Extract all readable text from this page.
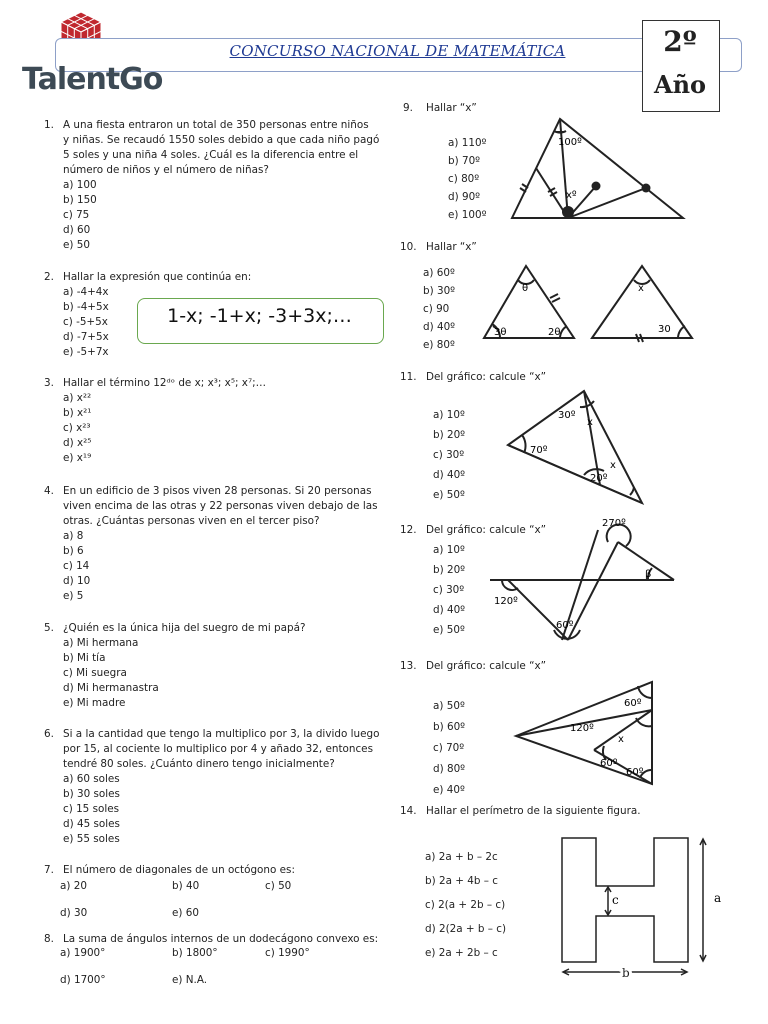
CONCURSO NACIONAL DE MATEMÁTICA
TalentGo
2º
Año
1. A una fiesta entraron un total de 350 personas entre niños
y niñas. Se recaudó 1550 soles debido a que cada niño pagó
5 soles y una niña 4 soles. ¿Cuál es la diferencia entre el
número de niños y el número de niñas?
a) 100
b) 150
c) 75
d) 60
e) 50
2. Hallar la expresión que continúa en:
a) -4+4x
b) -4+5x
c) -5+5x
d) -7+5x
e) -5+7x
1-x; -1+x; -3+3x;…
3. Hallar el término 12ᵈᵒ de x; x³; x⁵; x⁷;…
a) x²²
b) x²¹
c) x²³
d) x²⁵
e) x¹⁹
4. En un edificio de 3 pisos viven 28 personas. Si 20 personas
viven encima de las otras y 22 personas viven debajo de las
otras. ¿Cuántas personas viven en el tercer piso?
a) 8
b) 6
c) 14
d) 10
e) 5
5. ¿Quién es la única hija del suegro de mi papá?
a) Mi hermana
b) Mi tía
c) Mi suegra
d) Mi hermanastra
e) Mi madre
6. Si a la cantidad que tengo la multiplico por 3, la divido luego
por 15, al cociente lo multiplico por 4 y añado 32, entonces
tendré 80 soles. ¿Cuánto dinero tengo inicialmente?
a) 60 soles
b) 30 soles
c) 15 soles
d) 45 soles
e) 55 soles
7. El número de diagonales de un octógono es:
a) 20	b) 40	c) 50
d) 30	e) 60
8. La suma de ángulos internos de un dodecágono convexo es:
a) 1900°	b) 1800°	c) 1990°
d) 1700°	e) N.A.
9. Hallar “x”
a) 110º
b) 70º
c) 80º
d) 90º
e) 100º
100º
xº
10. Hallar “x”
a) 60º
b) 30º
c) 90
d) 40º
e) 80º
θ
3θ	2θ
x
30
11. Del gráfico: calcule “x”
a) 10º
b) 20º
c) 30º
d) 40º
e) 50º
30º
x
70º
x
20º
12. Del gráfico: calcule “x”
a) 10º
b) 20º
c) 30º
d) 40º
e) 50º
270º
β
120º
60º
13. Del gráfico: calcule “x”
a) 50º
b) 60º
c) 70º
d) 80º
e) 40º
60º
120º
x
60º
60º
14. Hallar el perímetro de la siguiente figura.
a) 2a + b – 2c
b) 2a + 4b – c
c) 2(a + 2b – c)
d) 2(2a + b – c)
e) 2a + 2b – c
c	a
b
